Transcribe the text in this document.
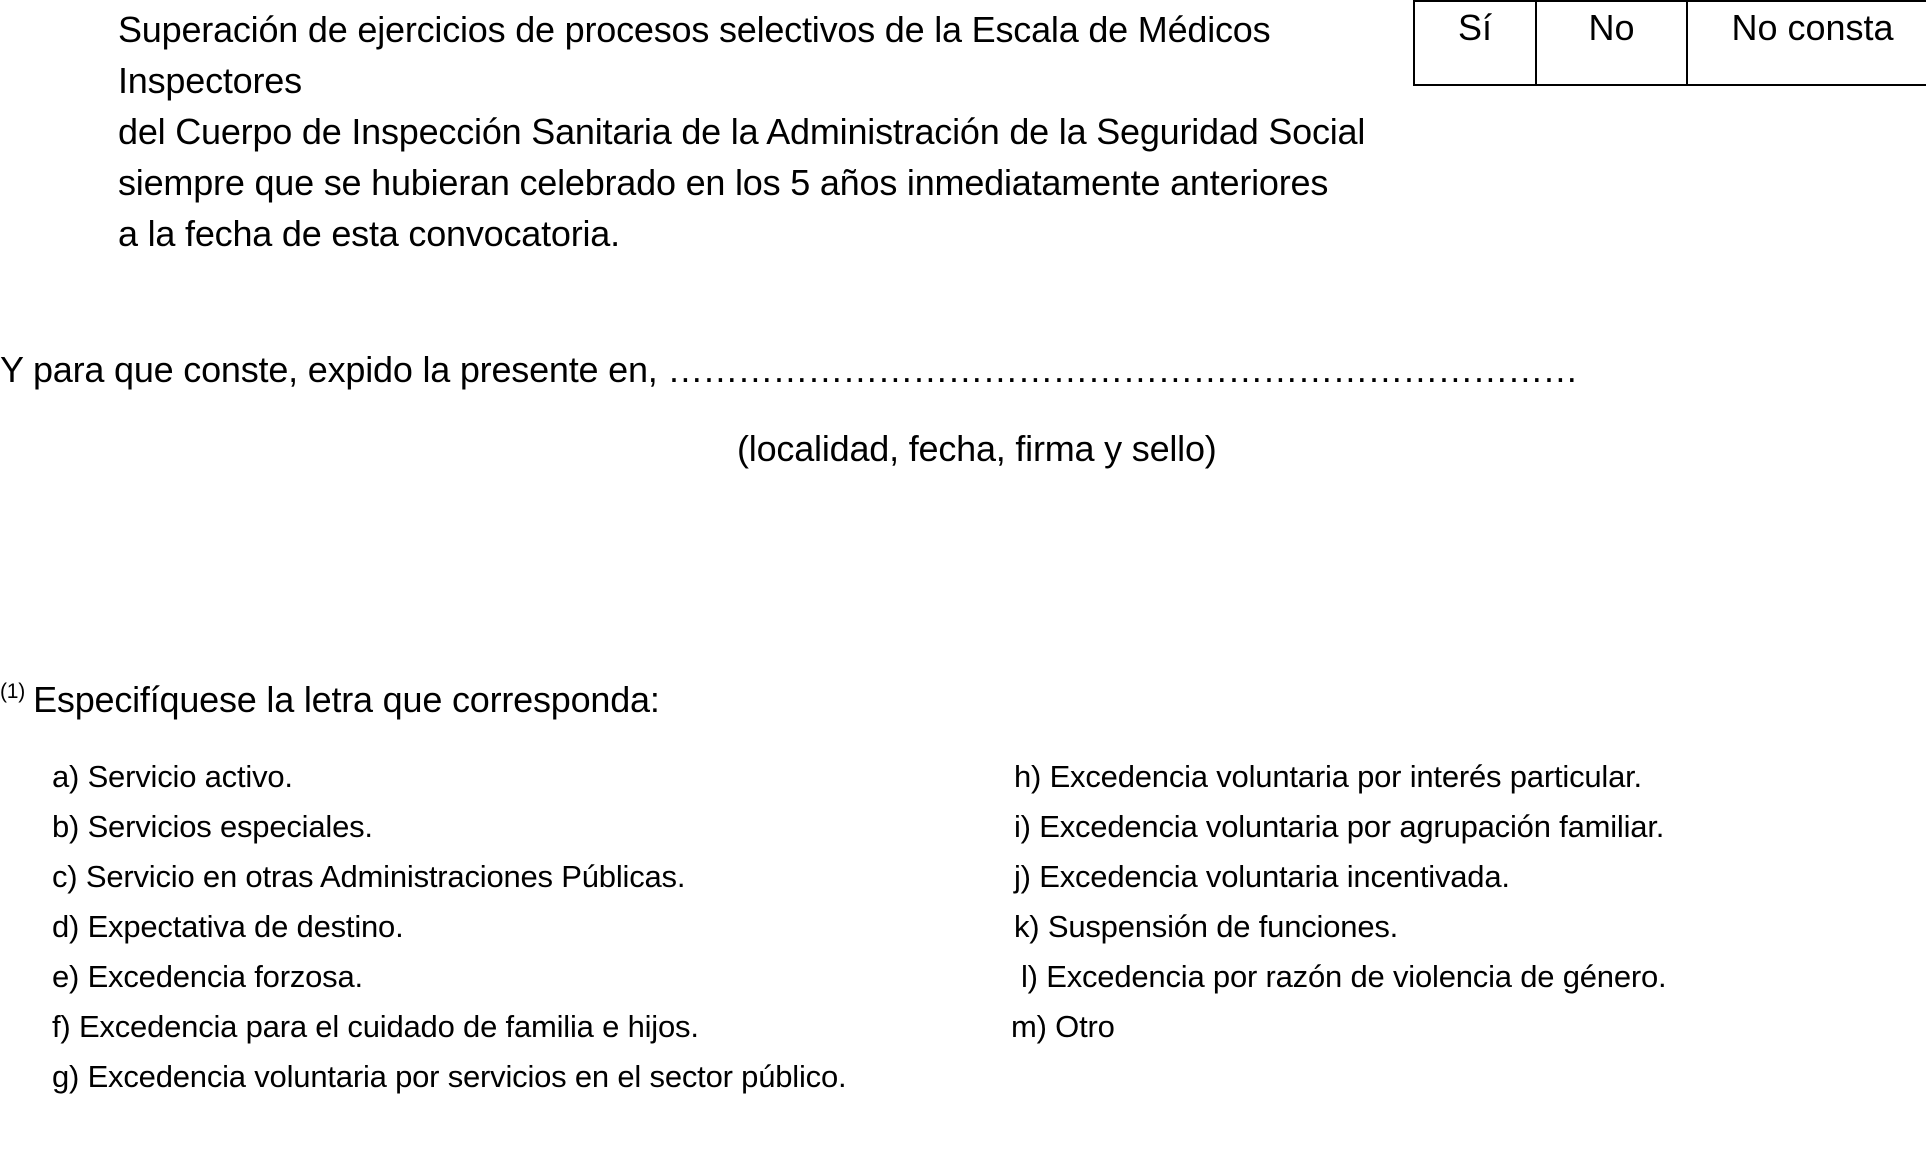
Superación de ejercicios de procesos selectivos de la Escala de Médicos
Inspectores
del Cuerpo de Inspección Sanitaria de la Administración de la Seguridad Social
siempre que se hubieran celebrado en los 5 años inmediatamente anteriores
a la fecha de esta convocatoria.
Sí	No	No consta
Y para que conste, expido la presente en, ……………………………………………………………………
(localidad, fecha, firma y sello)
$^{(1)}$ Especifíquese la letra que corresponda:
a) Servicio activo.
b) Servicios especiales.
c) Servicio en otras Administraciones Públicas.
d) Expectativa de destino.
e) Excedencia forzosa.
f) Excedencia para el cuidado de familia e hijos.
g) Excedencia voluntaria por servicios en el sector público.
h) Excedencia voluntaria por interés particular.
i) Excedencia voluntaria por agrupación familiar.
j) Excedencia voluntaria incentivada.
k) Suspensión de funciones.
l) Excedencia por razón de violencia de género.
m) Otro
